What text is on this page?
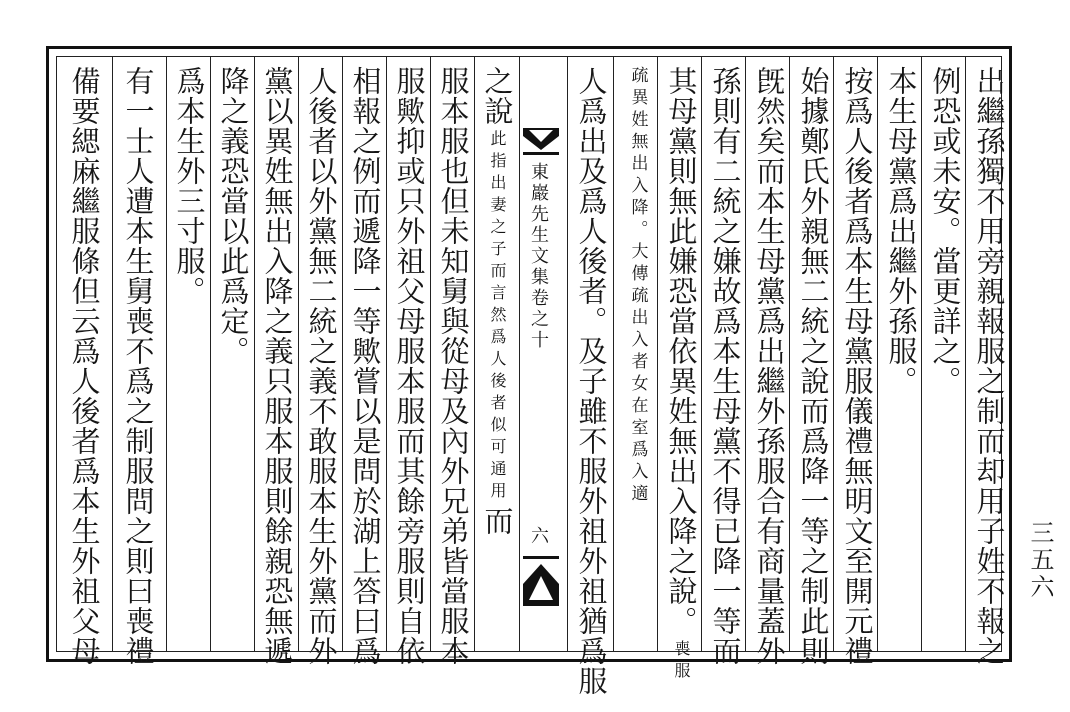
出繼孫獨不用旁親報服之制而却用子姓不報之
例恐或未安。當更詳之。
本生母黨爲出繼外孫服。
按爲人後者爲本生母黨服儀禮無明文至開元禮
始據鄭氏外親無二統之說而爲降一等之制此則
旣然矣而本生母黨爲出繼外孫服合有商量蓋外
孫則有二統之嫌故爲本生母黨不得已降一等而
其母黨則無此嫌恐當依異姓無出入降之說。
喪服
疏異姓無出入降。大傳疏出入者女在室爲入適
人爲出及爲人後者。及子雖不服外祖外祖猶爲服
東巖先生文集卷之十
六
之說
此指出妻之子而言然爲人後者似可通用
而
服本服也但未知舅與從母及內外兄弟皆當服本
服歟抑或只外祖父母服本服而其餘旁服則自依
相報之例而遞降一等歟嘗以是問於湖上答曰爲
人後者以外黨無二統之義不敢服本生外黨而外
黨以異姓無出入降之義只服本服則餘親恐無遞
降之義恐當以此爲定。
爲本生外三寸服。
有一士人遭本生舅喪不爲之制服問之則曰喪禮
備要緦麻繼服條但云爲人後者爲本生外祖父母	三五六
